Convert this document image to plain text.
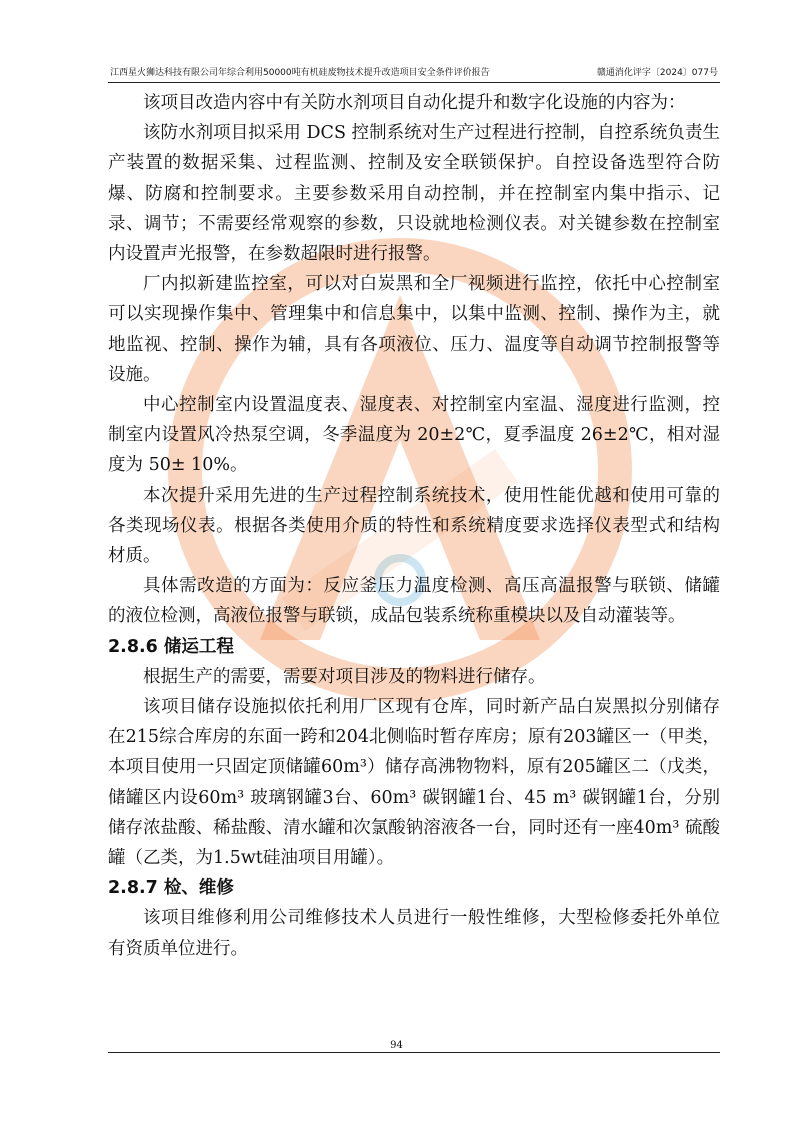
江西星火狮达科技有限公司年综合利用50000吨有机硅废物技术提升改造项目安全条件评价报告	赣通消化评字〔2024〕077号

该项目改造内容中有关防水剂项目自动化提升和数字化设施的内容为：

该防水剂项目拟采用 DCS 控制系统对生产过程进行控制，自控系统负责生产装置的数据采集、过程监测、控制及安全联锁保护。自控设备选型符合防爆、防腐和控制要求。主要参数采用自动控制，并在控制室内集中指示、记录、调节；不需要经常观察的参数，只设就地检测仪表。对关键参数在控制室内设置声光报警，在参数超限时进行报警。

厂内拟新建监控室，可以对白炭黑和全厂视频进行监控，依托中心控制室可以实现操作集中、管理集中和信息集中，以集中监测、控制、操作为主，就地监视、控制、操作为辅，具有各项液位、压力、温度等自动调节控制报警等设施。

中心控制室内设置温度表、湿度表、对控制室内室温、湿度进行监测，控制室内设置风冷热泵空调，冬季温度为 20±2℃，夏季温度 26±2℃，相对湿度为 50± 10%。

本次提升采用先进的生产过程控制系统技术，使用性能优越和使用可靠的各类现场仪表。根据各类使用介质的特性和系统精度要求选择仪表型式和结构材质。

具体需改造的方面为：反应釜压力温度检测、高压高温报警与联锁、储罐的液位检测，高液位报警与联锁，成品包装系统称重模块以及自动灌装等。

2.8.6 储运工程

根据生产的需要，需要对项目涉及的物料进行储存。

该项目储存设施拟依托利用厂区现有仓库，同时新产品白炭黑拟分别储存在215综合库房的东面一跨和204北侧临时暂存库房；原有203罐区一（甲类，本项目使用一只固定顶储罐60m³）储存高沸物物料，原有205罐区二（戊类，储罐区内设60m³ 玻璃钢罐3台、60m³ 碳钢罐1台、45 m³ 碳钢罐1台，分别储存浓盐酸、稀盐酸、清水罐和次氯酸钠溶液各一台，同时还有一座40m³ 硫酸罐（乙类，为1.5wt硅油项目用罐）。

2.8.7 检、维修

该项目维修利用公司维修技术人员进行一般性维修，大型检修委托外单位有资质单位进行。

94
